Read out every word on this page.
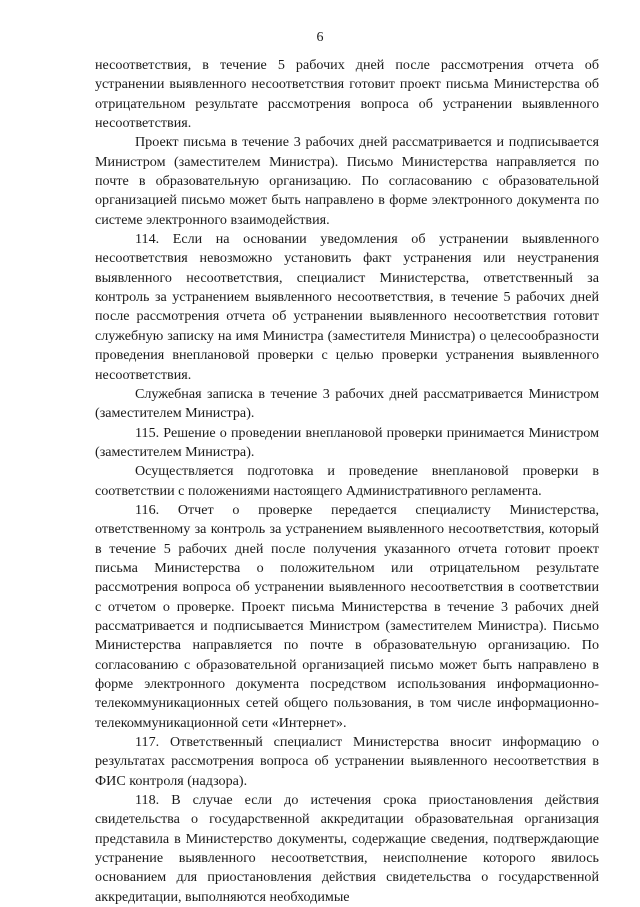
6

несоответствия, в течение 5 рабочих дней после рассмотрения отчета об устранении выявленного несоответствия готовит проект письма Министерства об отрицательном результате рассмотрения вопроса об устранении выявленного несоответствия.

Проект письма в течение 3 рабочих дней рассматривается и подписывается Министром (заместителем Министра). Письмо Министерства направляется по почте в образовательную организацию. По согласованию с образовательной организацией письмо может быть направлено в форме электронного документа по системе электронного взаимодействия.

114. Если на основании уведомления об устранении выявленного несоответствия невозможно установить факт устранения или неустранения выявленного несоответствия, специалист Министерства, ответственный за контроль за устранением выявленного несоответствия, в течение 5 рабочих дней после рассмотрения отчета об устранении выявленного несоответствия готовит служебную записку на имя Министра (заместителя Министра) о целесообразности проведения внеплановой проверки с целью проверки устранения выявленного несоответствия.

Служебная записка в течение 3 рабочих дней рассматривается Министром (заместителем Министра).

115. Решение о проведении внеплановой проверки принимается Министром (заместителем Министра).

Осуществляется подготовка и проведение внеплановой проверки в соответствии с положениями настоящего Административного регламента.

116. Отчет о проверке передается специалисту Министерства, ответственному за контроль за устранением выявленного несоответствия, который в течение 5 рабочих дней после получения указанного отчета готовит проект письма Министерства о положительном или отрицательном результате рассмотрения вопроса об устранении выявленного несоответствия в соответствии с отчетом о проверке. Проект письма Министерства в течение 3 рабочих дней рассматривается и подписывается Министром (заместителем Министра). Письмо Министерства направляется по почте в образовательную организацию. По согласованию с образовательной организацией письмо может быть направлено в форме электронного документа посредством использования информационно-телекоммуникационных сетей общего пользования, в том числе информационно-телекоммуникационной сети «Интернет».

117. Ответственный специалист Министерства вносит информацию о результатах рассмотрения вопроса об устранении выявленного несоответствия в ФИС контроля (надзора).

118. В случае если до истечения срока приостановления действия свидетельства о государственной аккредитации образовательная организация представила в Министерство документы, содержащие сведения, подтверждающие устранение выявленного несоответствия, неисполнение которого явилось основанием для приостановления действия свидетельства о государственной аккредитации, выполняются необходимые
